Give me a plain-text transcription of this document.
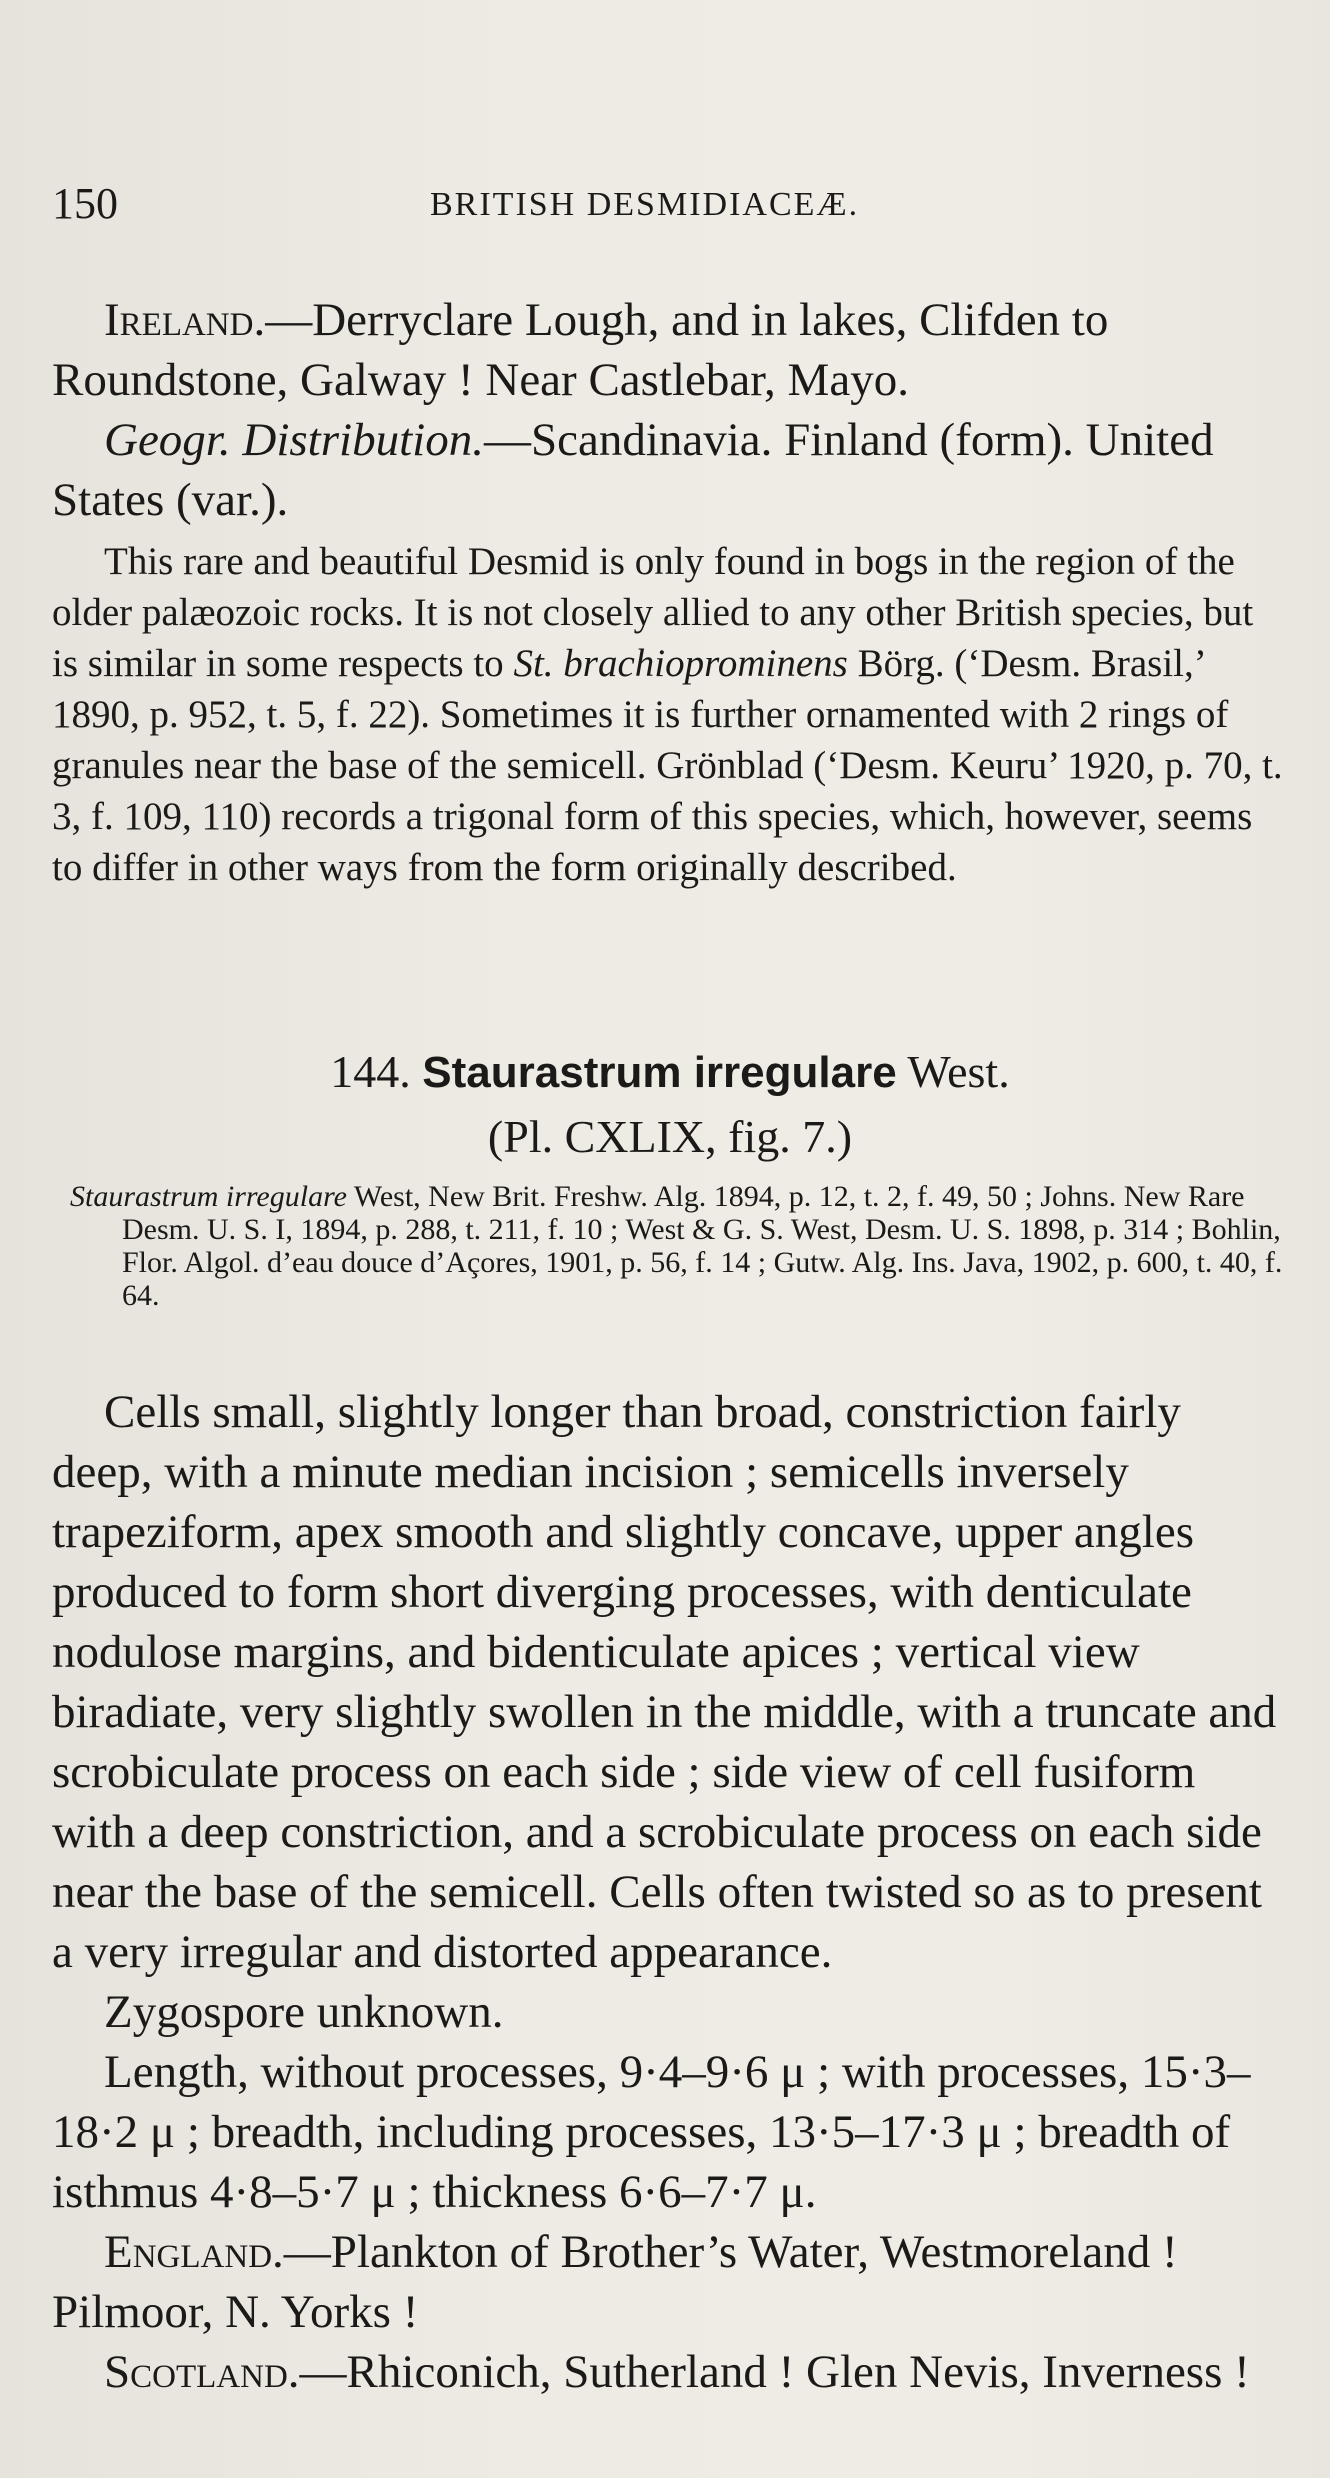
150	BRITISH DESMIDIACEÆ.

Ireland.—Derryclare Lough, and in lakes, Clifden to Roundstone, Galway ! Near Castlebar, Mayo.

Geogr. Distribution.—Scandinavia. Finland (form). United States (var.).

This rare and beautiful Desmid is only found in bogs in the region of the older palæozoic rocks. It is not closely allied to any other British species, but is similar in some respects to St. brachioprominens Börg. (‘Desm. Brasil,’ 1890, p. 952, t. 5, f. 22). Sometimes it is further ornamented with 2 rings of granules near the base of the semicell. Grönblad (‘Desm. Keuru’ 1920, p. 70, t. 3, f. 109, 110) records a trigonal form of this species, which, however, seems to differ in other ways from the form originally described.

144. Staurastrum irregulare West.
(Pl. CXLIX, fig. 7.)

Staurastrum irregulare West, New Brit. Freshw. Alg. 1894, p. 12, t. 2, f. 49, 50 ; Johns. New Rare Desm. U. S. I, 1894, p. 288, t. 211, f. 10 ; West & G. S. West, Desm. U. S. 1898, p. 314 ; Bohlin, Flor. Algol. d’eau douce d’Açores, 1901, p. 56, f. 14 ; Gutw. Alg. Ins. Java, 1902, p. 600, t. 40, f. 64.

Cells small, slightly longer than broad, constriction fairly deep, with a minute median incision ; semicells inversely trapeziform, apex smooth and slightly concave, upper angles produced to form short diverging processes, with denticulate nodulose margins, and bidenticulate apices ; vertical view biradiate, very slightly swollen in the middle, with a truncate and scrobiculate process on each side ; side view of cell fusiform with a deep constriction, and a scrobiculate process on each side near the base of the semicell. Cells often twisted so as to present a very irregular and distorted appearance.

Zygospore unknown.

Length, without processes, 9·4–9·6 μ ; with processes, 15·3–18·2 μ ; breadth, including processes, 13·5–17·3 μ ; breadth of isthmus 4·8–5·7 μ ; thickness 6·6–7·7 μ.

England.—Plankton of Brother’s Water, Westmoreland ! Pilmoor, N. Yorks !

Scotland.—Rhiconich, Sutherland ! Glen Nevis, Inverness !
